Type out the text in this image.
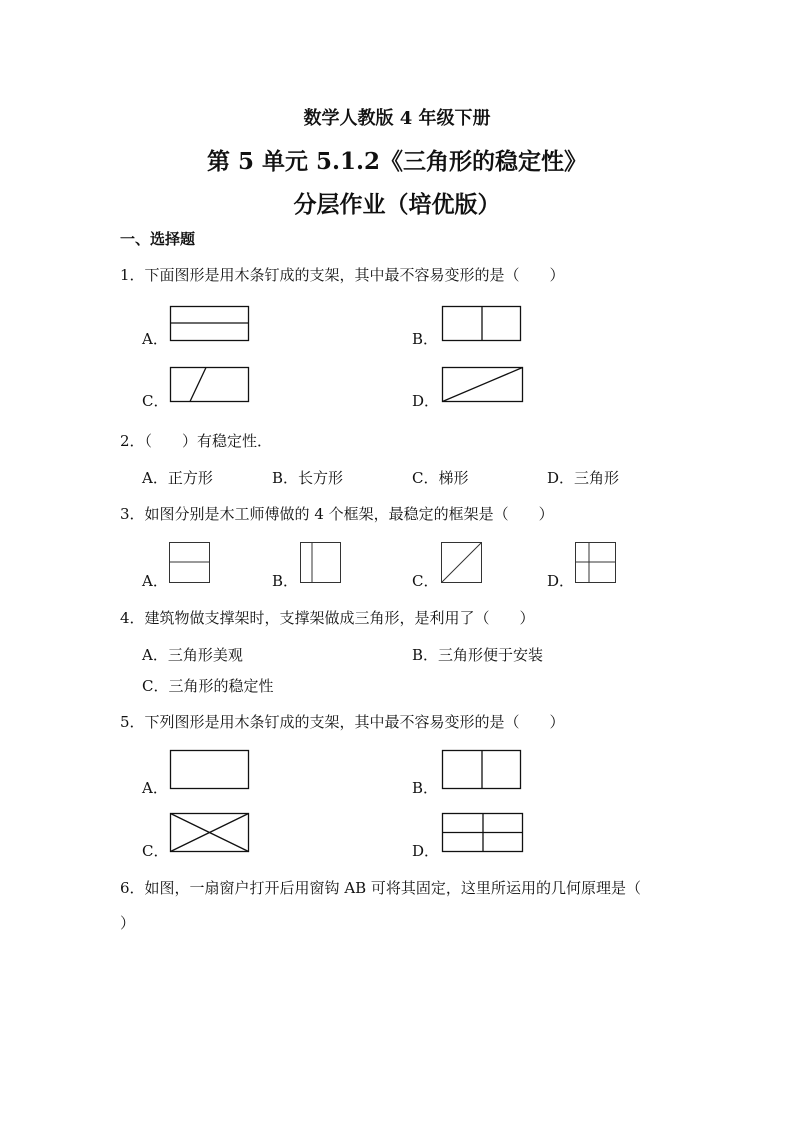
数学人教版 4 年级下册
第 5 单元 5.1.2《三角形的稳定性》
分层作业（培优版）
一、选择题
1．下面图形是用木条钉成的支架，其中最不容易变形的是（　　）
A．	B．
C．	D．
2．（　　）有稳定性．
A．正方形	B．长方形	C．梯形	D．三角形
3．如图分别是木工师傅做的 4 个框架，最稳定的框架是（　　）
A．	B．	C．	D．
4．建筑物做支撑架时，支撑架做成三角形，是利用了（　　）
A．三角形美观	B．三角形便于安装
C．三角形的稳定性
5．下列图形是用木条钉成的支架，其中最不容易变形的是（　　）
A．	B．
C．	D．
6．如图，一扇窗户打开后用窗钩 AB 可将其固定，这里所运用的几何原理是（
）
